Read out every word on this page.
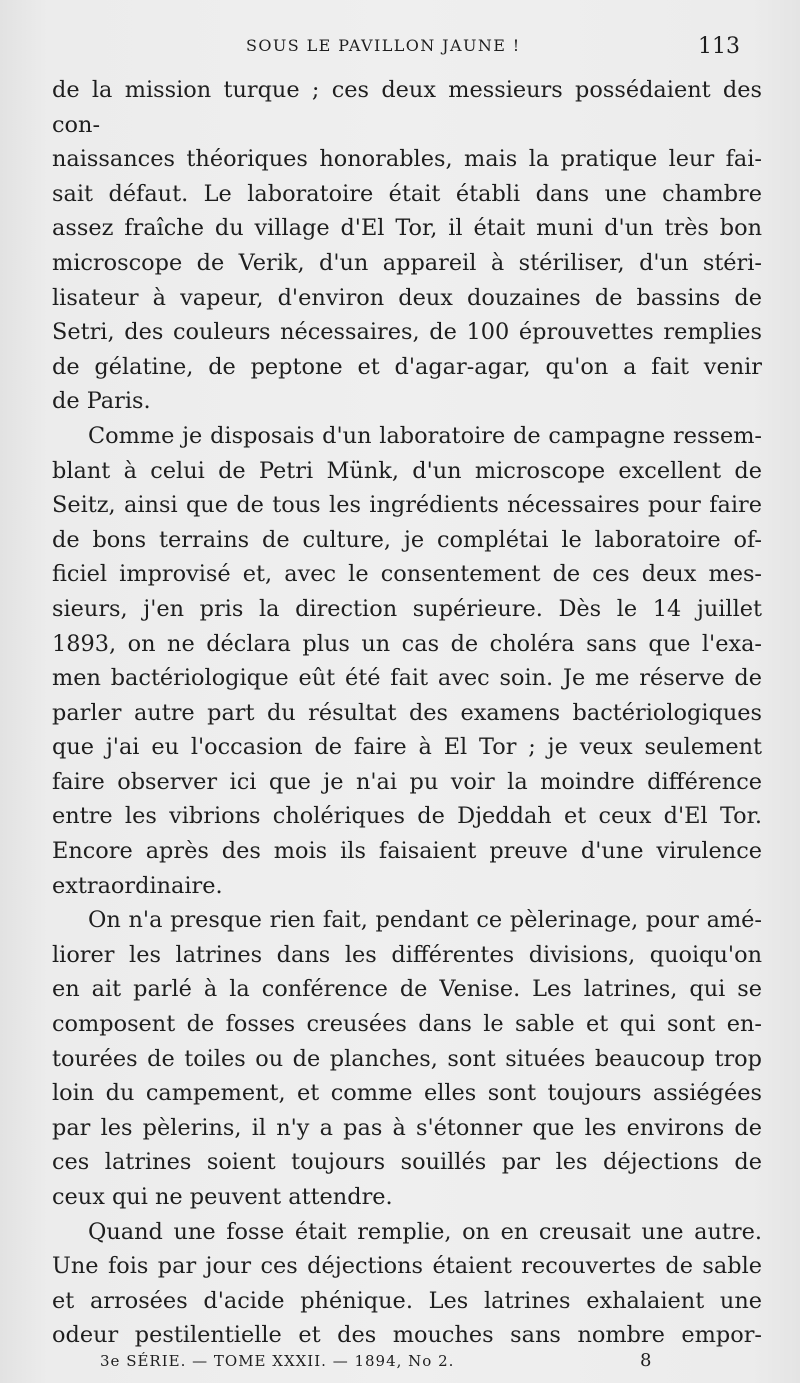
SOUS LE PAVILLON JAUNE !	113

de la mission turque ; ces deux messieurs possédaient des con-
naissances théoriques honorables, mais la pratique leur fai-
sait défaut. Le laboratoire était établi dans une chambre
assez fraîche du village d'El Tor, il était muni d'un très bon
microscope de Verik, d'un appareil à stériliser, d'un stéri-
lisateur à vapeur, d'environ deux douzaines de bassins de
Setri, des couleurs nécessaires, de 100 éprouvettes remplies
de gélatine, de peptone et d'agar-agar, qu'on a fait venir
de Paris.

Comme je disposais d'un laboratoire de campagne ressem-
blant à celui de Petri Münk, d'un microscope excellent de
Seitz, ainsi que de tous les ingrédients nécessaires pour faire
de bons terrains de culture, je complétai le laboratoire of-
ficiel improvisé et, avec le consentement de ces deux mes-
sieurs, j'en pris la direction supérieure. Dès le 14 juillet
1893, on ne déclara plus un cas de choléra sans que l'exa-
men bactériologique eût été fait avec soin. Je me réserve de
parler autre part du résultat des examens bactériologiques
que j'ai eu l'occasion de faire à El Tor ; je veux seulement
faire observer ici que je n'ai pu voir la moindre différence
entre les vibrions cholériques de Djeddah et ceux d'El Tor.
Encore après des mois ils faisaient preuve d'une virulence
extraordinaire.

On n'a presque rien fait, pendant ce pèlerinage, pour amé-
liorer les latrines dans les différentes divisions, quoiqu'on
en ait parlé à la conférence de Venise. Les latrines, qui se
composent de fosses creusées dans le sable et qui sont en-
tourées de toiles ou de planches, sont situées beaucoup trop
loin du campement, et comme elles sont toujours assiégées
par les pèlerins, il n'y a pas à s'étonner que les environs de
ces latrines soient toujours souillés par les déjections de
ceux qui ne peuvent attendre.

Quand une fosse était remplie, on en creusait une autre.
Une fois par jour ces déjections étaient recouvertes de sable
et arrosées d'acide phénique. Les latrines exhalaient une
odeur pestilentielle et des mouches sans nombre empor-

3e SÉRIE. — TOME XXXII. — 1894, No 2.	8
